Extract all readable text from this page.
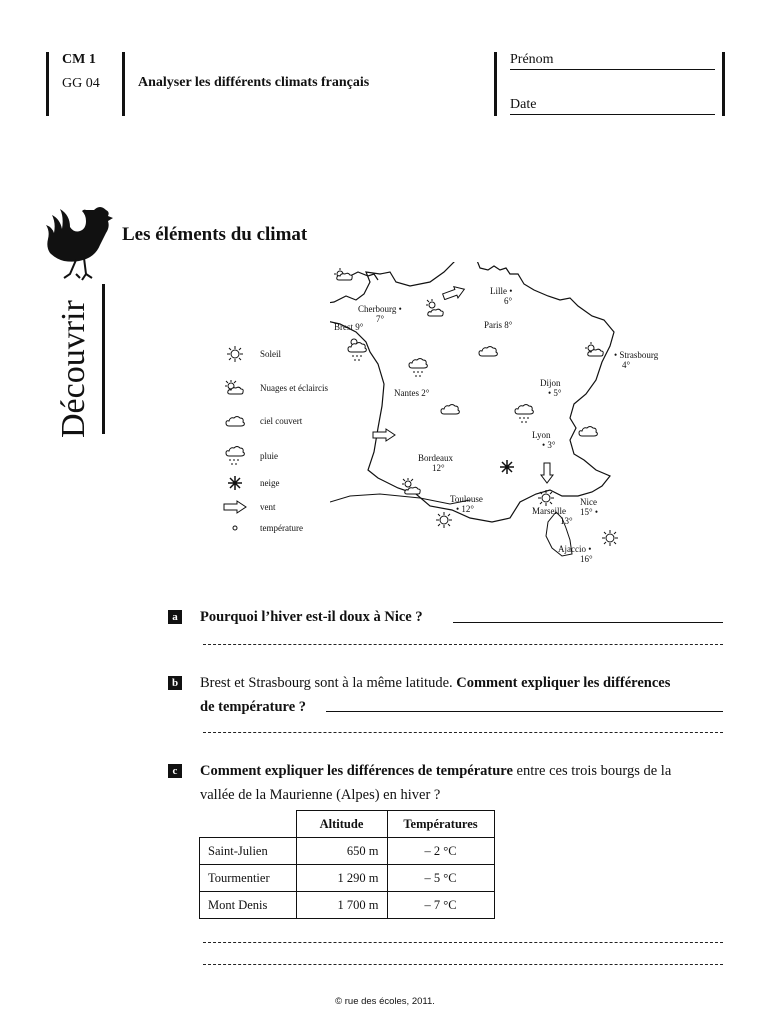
CM 1
GG 04	Analyser les différents climats français
Prénom
Date
Découvrir
Les éléments du climat
Soleil
Nuages et éclaircis
ciel couvert
pluie
neige
vent
température
Lille •
6°
Cherbourg •
7°
Paris 8°
Brest 9°
• Strasbourg
4°
Dijon
• 5°
Nantes 2°
Lyon
• 3°
Bordeaux
12°
Toulouse
• 12°	Marseille
13°
Nice
15° •
Ajaccio •
16°
a Pourquoi l’hiver est-il doux à Nice ?
b Brest et Strasbourg sont à la même latitude. Comment expliquer les différences
de température ?
c	Comment expliquer les différences de température entre ces trois bourgs de la
vallée de la Maurienne (Alpes) en hiver ?
	Altitude	Températures
Saint-Julien	650 m	– 2 °C
Tourmentier	1 290 m	– 5 °C
Mont Denis	1 700 m	– 7 °C
© rue des écoles, 2011.
